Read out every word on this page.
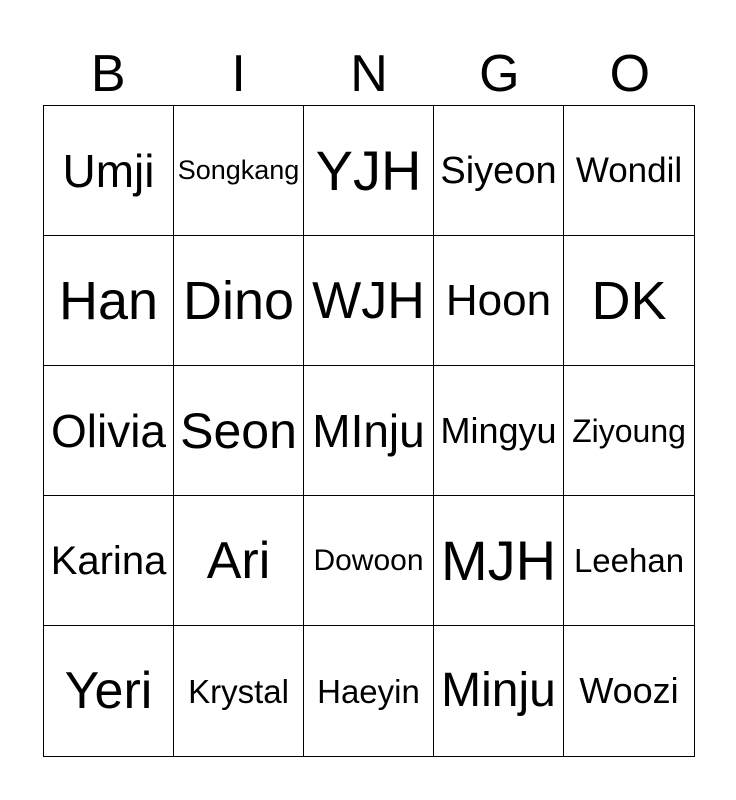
B	I	N	G	O
Umji Songkang YJH Siyeon Wondil
Han Dino WJH Hoon DK
Olivia Seon MInju Mingyu Ziyoung
Karina Ari	Dowoon MJH Leehan
Yeri	Krystal Haeyin Minju Woozi
